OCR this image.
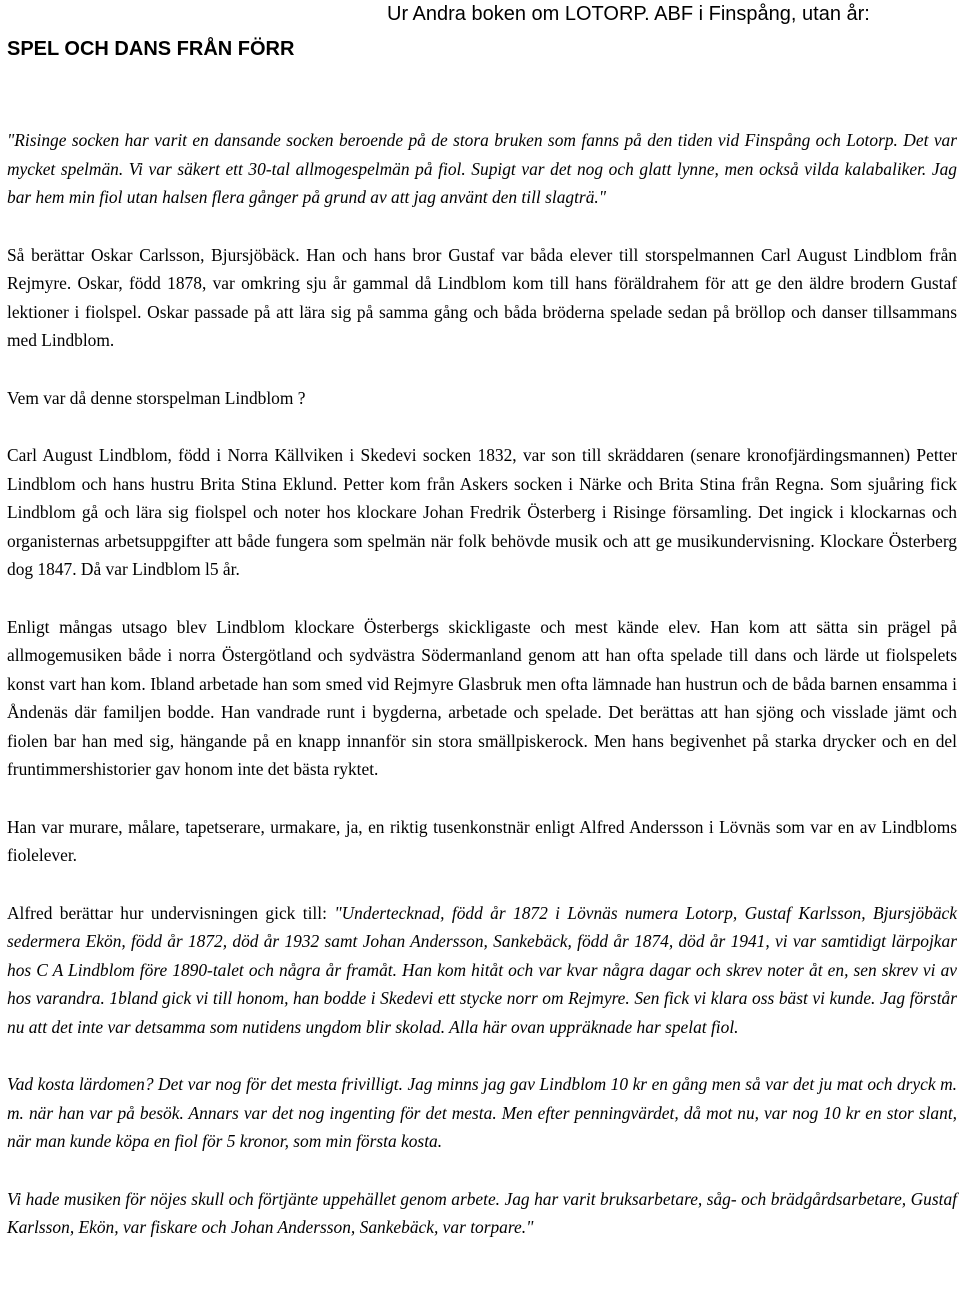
Ur Andra boken om LOTORP. ABF i Finspång, utan år:
SPEL OCH DANS FRÅN FÖRR

"Risinge socken har varit en dansande socken beroende på de stora bruken som fanns på den tiden vid Finspång och Lotorp. Det var mycket spelmän. Vi var säkert ett 30-tal allmogespelmän på fiol. Supigt var det nog och glatt lynne, men också vilda kalabaliker. Jag bar hem min fiol utan halsen flera gånger på grund av att jag använt den till slagträ."

Så berättar Oskar Carlsson, Bjursjöbäck. Han och hans bror Gustaf var båda elever till storspelmannen Carl August Lindblom från Rejmyre. Oskar, född 1878, var omkring sju år gammal då Lindblom kom till hans föräldrahem för att ge den äldre brodern Gustaf lektioner i fiolspel. Oskar passade på att lära sig på samma gång och båda bröderna spelade sedan på bröllop och danser tillsammans med Lindblom.

Vem var då denne storspelman Lindblom ?

Carl August Lindblom, född i Norra Källviken i Skedevi socken 1832, var son till skräddaren (senare kronofjärdingsmannen) Petter Lindblom och hans hustru Brita Stina Eklund. Petter kom från Askers socken i Närke och Brita Stina från Regna. Som sjuåring fick Lindblom gå och lära sig fiolspel och noter hos klockare Johan Fredrik Österberg i Risinge församling. Det ingick i klockarnas och organisternas arbetsuppgifter att både fungera som spelmän när folk behövde musik och att ge musikundervisning. Klockare Österberg dog 1847. Då var Lindblom l5 år.

Enligt mångas utsago blev Lindblom klockare Österbergs skickligaste och mest kände elev. Han kom att sätta sin prägel på allmogemusiken både i norra Östergötland och sydvästra Södermanland genom att han ofta spelade till dans och lärde ut fiolspelets konst vart han kom. Ibland arbetade han som smed vid Rejmyre Glasbruk men ofta lämnade han hustrun och de båda barnen ensamma i Åndenäs där familjen bodde. Han vandrade runt i bygderna, arbetade och spelade. Det berättas att han sjöng och visslade jämt och fiolen bar han med sig, hängande på en knapp innanför sin stora smällpiskerock. Men hans begivenhet på starka drycker och en del fruntimmershistorier gav honom inte det bästa ryktet.

Han var murare, målare, tapetserare, urmakare, ja, en riktig tusenkonstnär enligt Alfred Andersson i Lövnäs som var en av Lindbloms fiolelever.

Alfred berättar hur undervisningen gick till: "Undertecknad, född år 1872 i Lövnäs numera Lotorp, Gustaf Karlsson, Bjursjöbäck sedermera Ekön, född år 1872, död år 1932 samt Johan Andersson, Sankebäck, född år 1874, död år 1941, vi var samtidigt lärpojkar hos C A Lindblom före 1890-talet och några år framåt. Han kom hitåt och var kvar några dagar och skrev noter åt en, sen skrev vi av hos varandra. 1bland gick vi till honom, han bodde i Skedevi ett stycke norr om Rejmyre. Sen fick vi klara oss bäst vi kunde. Jag förstår nu att det inte var detsamma som nutidens ungdom blir skolad. Alla här ovan uppräknade har spelat fiol.

Vad kosta lärdomen? Det var nog för det mesta frivilligt. Jag minns jag gav Lindblom 10 kr en gång men så var det ju mat och dryck m. m. när han var på besök. Annars var det nog ingenting för det mesta. Men efter penningvärdet, då mot nu, var nog 10 kr en stor slant, när man kunde köpa en fiol för 5 kronor, som min första kosta.

Vi hade musiken för nöjes skull och förtjänte uppehället genom arbete. Jag har varit bruksarbetare, såg- och brädgårdsarbetare, Gustaf Karlsson, Ekön, var fiskare och Johan Andersson, Sankebäck, var torpare."
